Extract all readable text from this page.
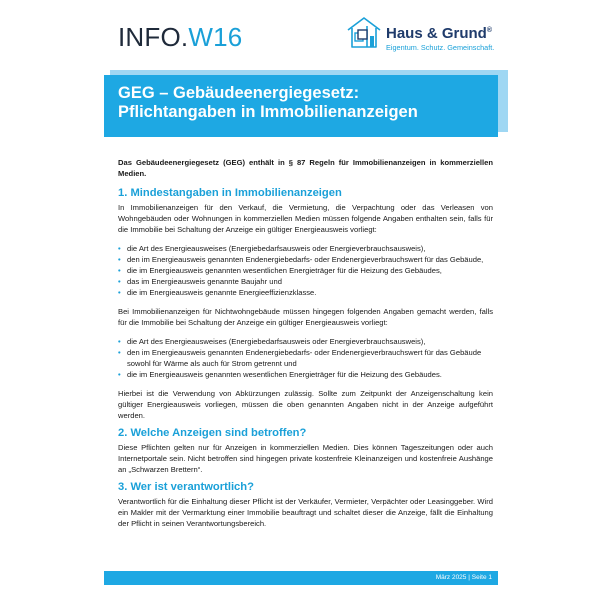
INFO.W16	Haus & Grund®
Eigentum. Schutz. Gemeinschaft.
GEG – Gebäudeenergiegesetz:
Pflichtangaben in Immobilienanzeigen

Das Gebäudeenergiegesetz (GEG) enthält in § 87 Regeln für Immobilienanzeigen in kommerziellen Medien.

1. Mindestangaben in Immobilienanzeigen

In Immobilienanzeigen für den Verkauf, die Vermietung, die Verpachtung oder das Verleasen von Wohngebäuden oder Wohnungen in kommerziellen Medien müssen folgende Angaben enthalten sein, falls für die Immobilie bei Schaltung der Anzeige ein gültiger Energieausweis vorliegt:

• die Art des Energieausweises (Energiebedarfsausweis oder Energieverbrauchsausweis),
• den im Energieausweis genannten Endenergiebedarfs- oder Endenergieverbrauchswert für das Gebäude,
• die im Energieausweis genannten wesentlichen Energieträger für die Heizung des Gebäudes,
• das im Energieausweis genannte Baujahr und
• die im Energieausweis genannte Energieeffizienzklasse.

Bei Immobilienanzeigen für Nichtwohngebäude müssen hingegen folgenden Angaben gemacht werden, falls für die Immobilie bei Schaltung der Anzeige ein gültiger Energieausweis vorliegt:

• die Art des Energieausweises (Energiebedarfsausweis oder Energieverbrauchsausweis),
• den im Energieausweis genannten Endenergiebedarfs- oder Endenergieverbrauchswert für das Gebäude sowohl für Wärme als auch für Strom getrennt und
• die im Energieausweis genannten wesentlichen Energieträger für die Heizung des Gebäudes.

Hierbei ist die Verwendung von Abkürzungen zulässig. Sollte zum Zeitpunkt der Anzeigenschaltung kein gültiger Energieausweis vorliegen, müssen die oben genannten Angaben nicht in der Anzeige aufgeführt werden.

2. Welche Anzeigen sind betroffen?

Diese Pflichten gelten nur für Anzeigen in kommerziellen Medien. Dies können Tageszeitungen oder auch Internetportale sein. Nicht betroffen sind hingegen private kostenfreie Kleinanzeigen und kostenfreie Aushänge an „Schwarzen Brettern“.

3. Wer ist verantwortlich?

Verantwortlich für die Einhaltung dieser Pflicht ist der Verkäufer, Vermieter, Verpächter oder Leasinggeber. Wird ein Makler mit der Vermarktung einer Immobilie beauftragt und schaltet dieser die Anzeige, fällt die Einhaltung der Pflicht in seinen Verantwortungsbereich.

März 2025 | Seite 1
